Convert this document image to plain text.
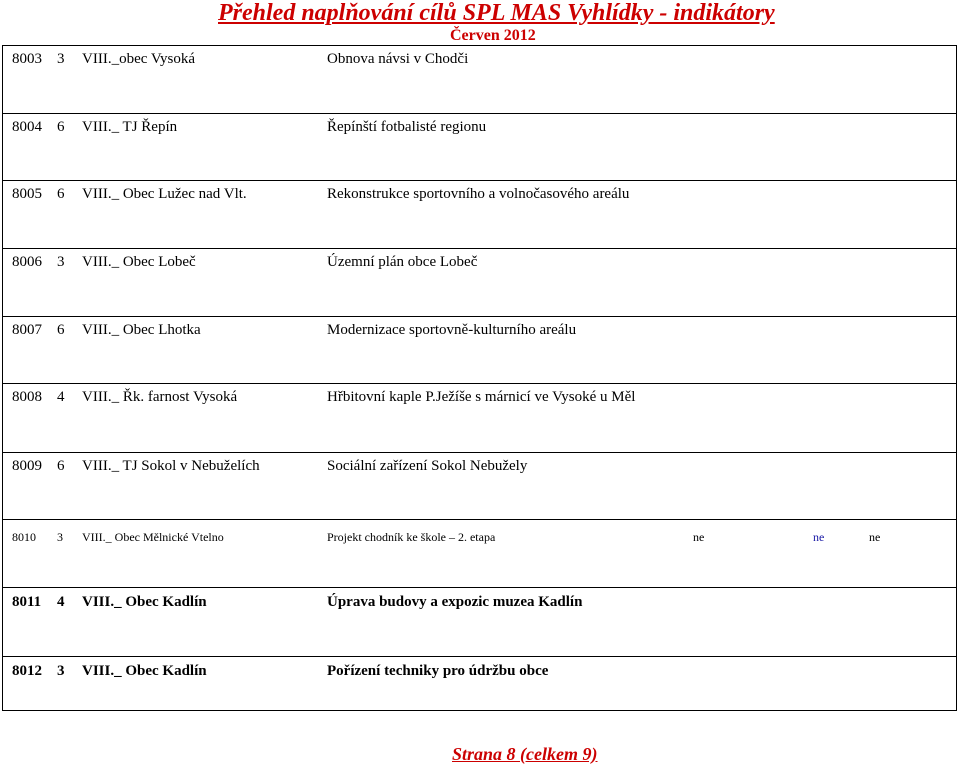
Přehled naplňování cílů SPL MAS Vyhlídky - indikátory
Červen 2012
8003 3 VIII._obec Vysoká	Obnova návsi v Chodči
8004 6 VIII._ TJ Řepín	Řepínští fotbalisté regionu
8005 6 VIII._ Obec Lužec nad Vlt.	Rekonstrukce sportovního a volnočasového areálu
8006 3 VIII._ Obec Lobeč	Územní plán obce Lobeč
8007 6 VIII._ Obec Lhotka	Modernizace sportovně-kulturního areálu
8008 4 VIII._ Řk. farnost Vysoká	Hřbitovní kaple P.Ježíše s márnicí ve Vysoké u Měl
8009 6 VIII._ TJ Sokol v Nebuželích	Sociální zařízení Sokol Nebužely
8010 3 VIII._ Obec Mělnické Vtelno	Projekt chodník ke škole – 2. etapa	ne	ne	ne
8011 4 VIII._ Obec Kadlín	Úprava budovy a expozic muzea Kadlín
8012 3 VIII._ Obec Kadlín	Pořízení techniky pro údržbu obce
Strana 8 (celkem 9)
